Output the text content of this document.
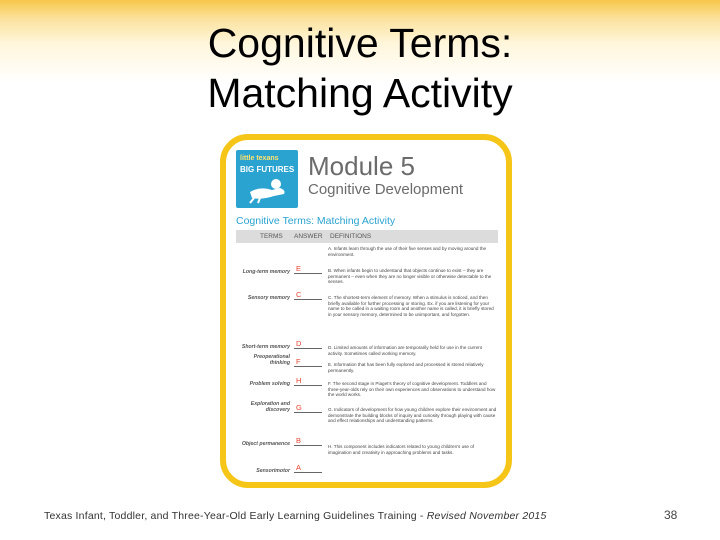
Cognitive Terms:
Matching Activity
little texans
BIG FUTURES Module 5
Cognitive Development
Cognitive Terms: Matching Activity
TERMS ANSWER DEFINITIONS
Long-term memory E
Sensory memory C
Short-term memory D
Preoperational thinking F
Problem solving H
Exploration and discovery G
Object permanence B
Sensorimotor A
A. Infants learn through the use of their five senses and by moving around the environment.
B. When infants begin to understand that objects continue to exist – they are permanent – even when they are no longer visible or otherwise detectable to the senses.
C. The shortest-term element of memory. When a stimulus is noticed, and then briefly available for further processing or storing. Ex. if you are listening for your name to be called in a waiting room and another name is called, it is briefly stored in your sensory memory, determined to be unimportant, and forgotten.
D. Limited amounts of information are temporarily held for use in the current activity. Sometimes called working memory.
E. Information that has been fully explored and processed is stored relatively permanently.
F. The second stage in Piaget's theory of cognitive development. Toddlers and three-year-olds rely on their own experiences and observations to understand how the world works.
G. Indicators of development for how young children explore their environment and demonstrate the building blocks of inquiry and curiosity through playing with cause and effect relationships and understanding patterns.
H. This component includes indicators related to young children's use of imagination and creativity in approaching problems and tasks.
Texas Infant, Toddler, and Three-Year-Old Early Learning Guidelines Training - Revised November 2015	38
